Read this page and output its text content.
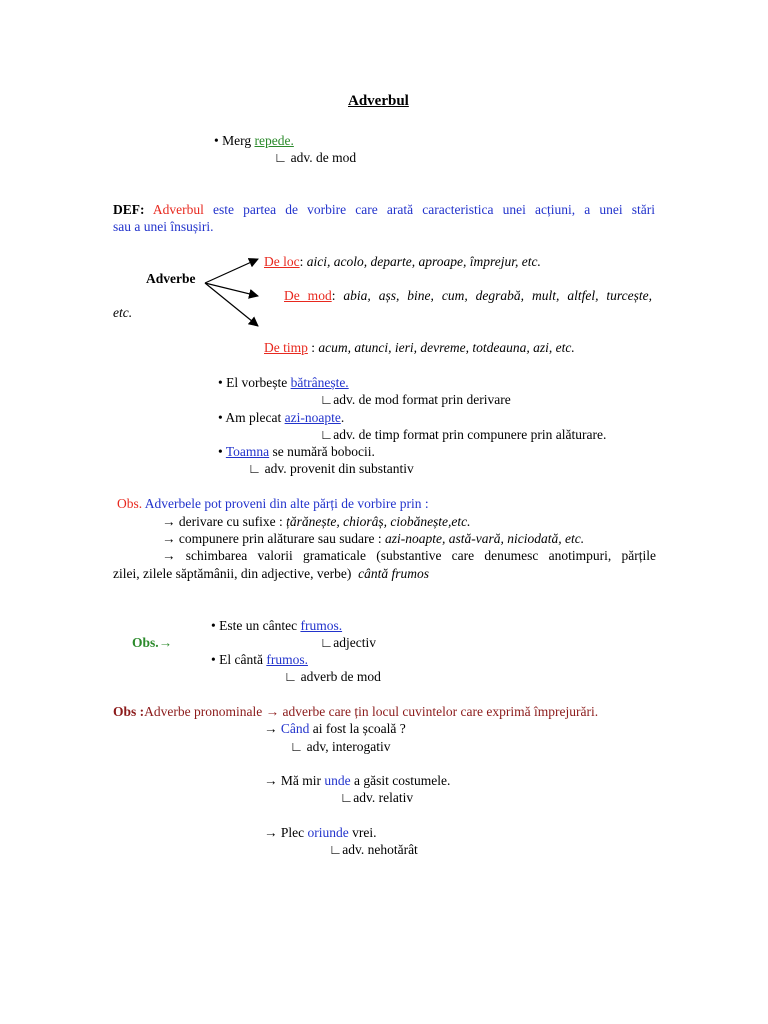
Adverbul
• Merg repede.
∟ adv. de mod
DEF: Adverbul este partea de vorbire care arată caracteristica unei acțiuni, a unei stări
sau a unei însușiri.
Adverbe
De loc: aici, acolo, departe, aproape, împrejur, etc.
De mod: abia, așs, bine, cum, degrabă, mult, altfel, turcește,
etc.
De timp : acum, atunci, ieri, devreme, totdeauna, azi, etc.
• El vorbește bătrânește.
∟adv. de mod format prin derivare
• Am plecat azi-noapte.
∟adv. de timp format prin compunere prin alăturare.
• Toamna se numără bobocii.
∟ adv. provenit din substantiv
Obs. Adverbele pot proveni din alte părți de vorbire prin :
→ derivare cu sufixe : țărănește, chiorâș, ciobănește,etc.
→ compunere prin alăturare sau sudare : azi-noapte, astă-vară, niciodată, etc.
→ schimbarea valorii gramaticale (substantive care denumesc anotimpuri, părțile
zilei, zilele săptămânii, din adjective, verbe) cântă frumos
Obs.→
• Este un cântec frumos.
∟adjectiv
• El cântă frumos.
∟ adverb de mod
Obs :Adverbe pronominale → adverbe care țin locul cuvintelor care exprimă împrejurări.
→ Când ai fost la școală ?
∟ adv, interogativ
→ Mă mir unde a găsit costumele.
∟adv. relativ
→ Plec oriunde vrei.
∟adv. nehotărât
